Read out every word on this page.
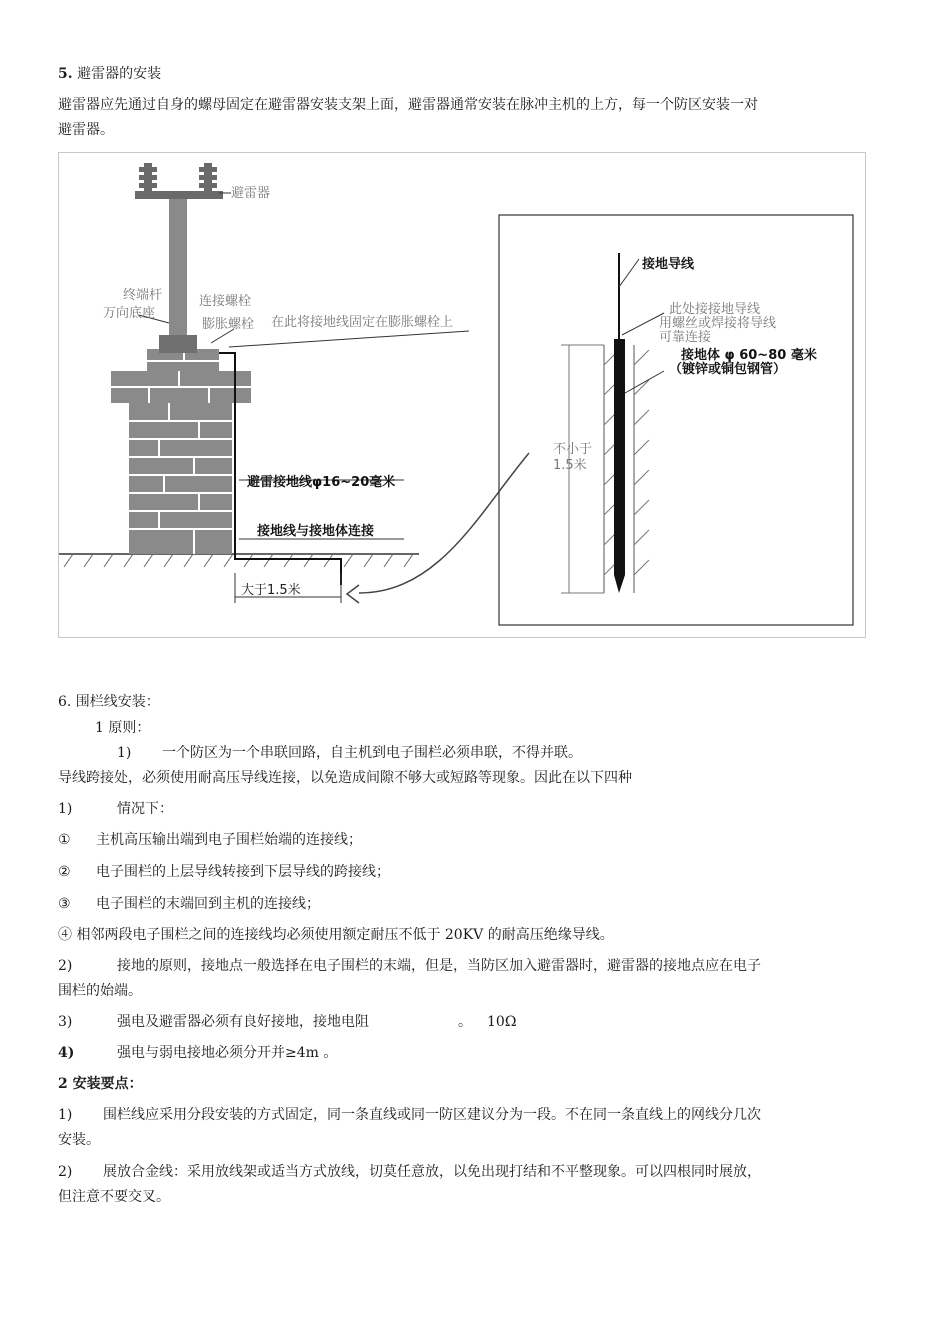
5. 避雷器的安装
避雷器应先通过自身的螺母固定在避雷器安装支架上面，避雷器通常安装在脉冲主机的上方，每一个防区安装一对
避雷器。
避雷器
终端杆
万向底座
连接螺栓
膨胀螺栓 在此将接地线固定在膨胀螺栓上
避雷接地线φ16~20毫米
接地线与接地体连接
大于1.5米
接地导线
此处接接地导线
用螺丝或焊接将导线
可靠连接
接地体 φ 60~80 毫米
（镀锌或铜包钢管）
不小于
1.5米
6. 围栏线安装：
1 原则：
1) 一个防区为一个串联回路，自主机到电子围栏必须串联，不得并联。
导线跨接处，必须使用耐高压导线连接，以免造成间隙不够大或短路等现象。因此在以下四种
1)	情况下：
① 主机高压输出端到电子围栏始端的连接线；
② 电子围栏的上层导线转接到下层导线的跨接线；
③ 电子围栏的末端回到主机的连接线；
④ 相邻两段电子围栏之间的连接线均必须使用额定耐压不低于 20KV 的耐高压绝缘导线。
2)	接地的原则，接地点一般选择在电子围栏的末端，但是，当防区加入避雷器时，避雷器的接地点应在电子
围栏的始端。
3)	强电及避雷器必须有良好接地，接地电阻	。 10Ω
4)	强电与弱电接地必须分开并≥4m 。
2 安装要点：
1) 围栏线应采用分段安装的方式固定，同一条直线或同一防区建议分为一段。不在同一条直线上的网线分几次
安装。
2) 展放合金线：采用放线架或适当方式放线，切莫任意放，以免出现打结和不平整现象。可以四根同时展放，
但注意不要交叉。
